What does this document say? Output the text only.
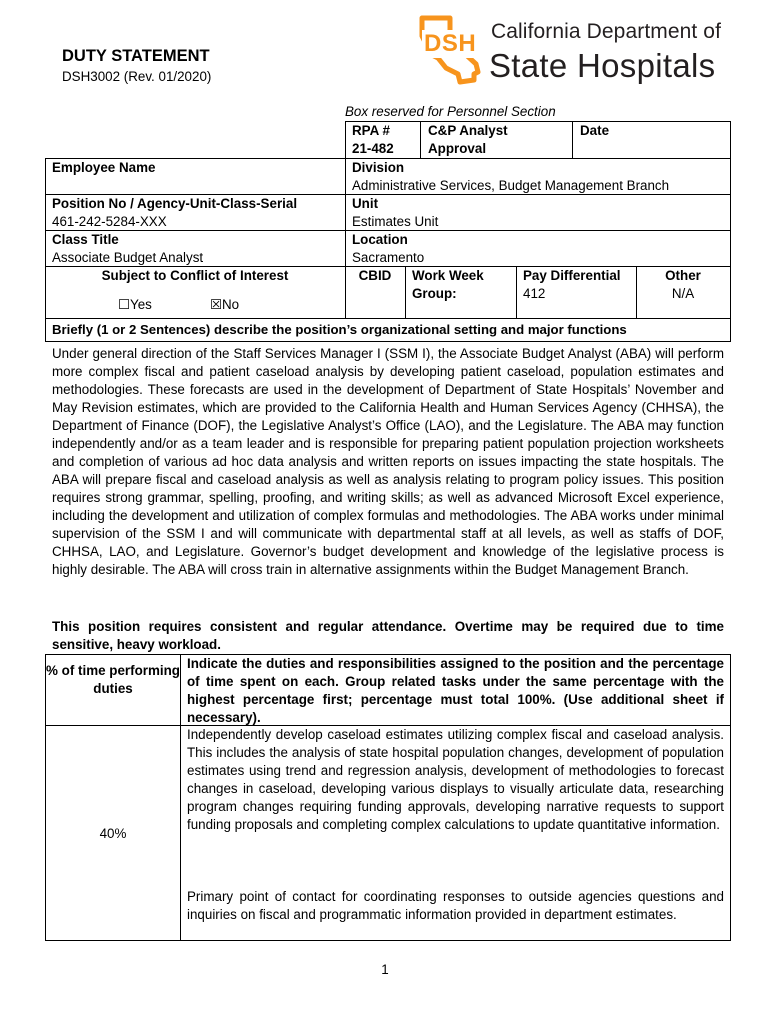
DUTY STATEMENT
DSH3002 (Rev. 01/2020)
DSH California Department of
State Hospitals
Box reserved for Personnel Section
RPA #
21-482
C&P Analyst
Approval
Date
Employee Name
Position No / Agency-Unit-Class-Serial
461-242-5284-XXX
Class Title
Associate Budget Analyst
Subject to Conflict of Interest
☐Yes	☒No
Division
Administrative Services, Budget Management Branch
Unit
Estimates Unit
Location
Sacramento
CBID	Work Week
Group:
Pay Differential
412
Other
N/A
Briefly (1 or 2 Sentences) describe the position’s organizational setting and major functions
Under general direction of the Staff Services Manager I (SSM I), the Associate Budget Analyst (ABA) will perform more complex fiscal and patient caseload analysis by developing patient caseload, population estimates and methodologies. These forecasts are used in the development of Department of State Hospitals’ November and May Revision estimates, which are provided to the California Health and Human Services Agency (CHHSA), the Department of Finance (DOF), the Legislative Analyst’s Office (LAO), and the Legislature. The ABA may function independently and/or as a team leader and is responsible for preparing patient population projection worksheets and completion of various ad hoc data analysis and written reports on issues impacting the state hospitals. The ABA will prepare fiscal and caseload analysis as well as analysis relating to program policy issues. This position requires strong grammar, spelling, proofing, and writing skills; as well as advanced Microsoft Excel experience, including the development and utilization of complex formulas and methodologies. The ABA works under minimal supervision of the SSM I and will communicate with departmental staff at all levels, as well as staffs of DOF, CHHSA, LAO, and Legislature. Governor’s budget development and knowledge of the legislative process is highly desirable. The ABA will cross train in alternative assignments within the Budget Management Branch.
This position requires consistent and regular attendance. Overtime may be required due to time sensitive, heavy workload.
% of time performing duties
Indicate the duties and responsibilities assigned to the position and the percentage of time spent on each. Group related tasks under the same percentage with the highest percentage first; percentage must total 100%. (Use additional sheet if necessary).
40%
Independently develop caseload estimates utilizing complex fiscal and caseload analysis. This includes the analysis of state hospital population changes, development of population estimates using trend and regression analysis, development of methodologies to forecast changes in caseload, developing various displays to visually articulate data, researching program changes requiring funding approvals, developing narrative requests to support funding proposals and completing complex calculations to update quantitative information.
Primary point of contact for coordinating responses to outside agencies questions and inquiries on fiscal and programmatic information provided in department estimates.
1
